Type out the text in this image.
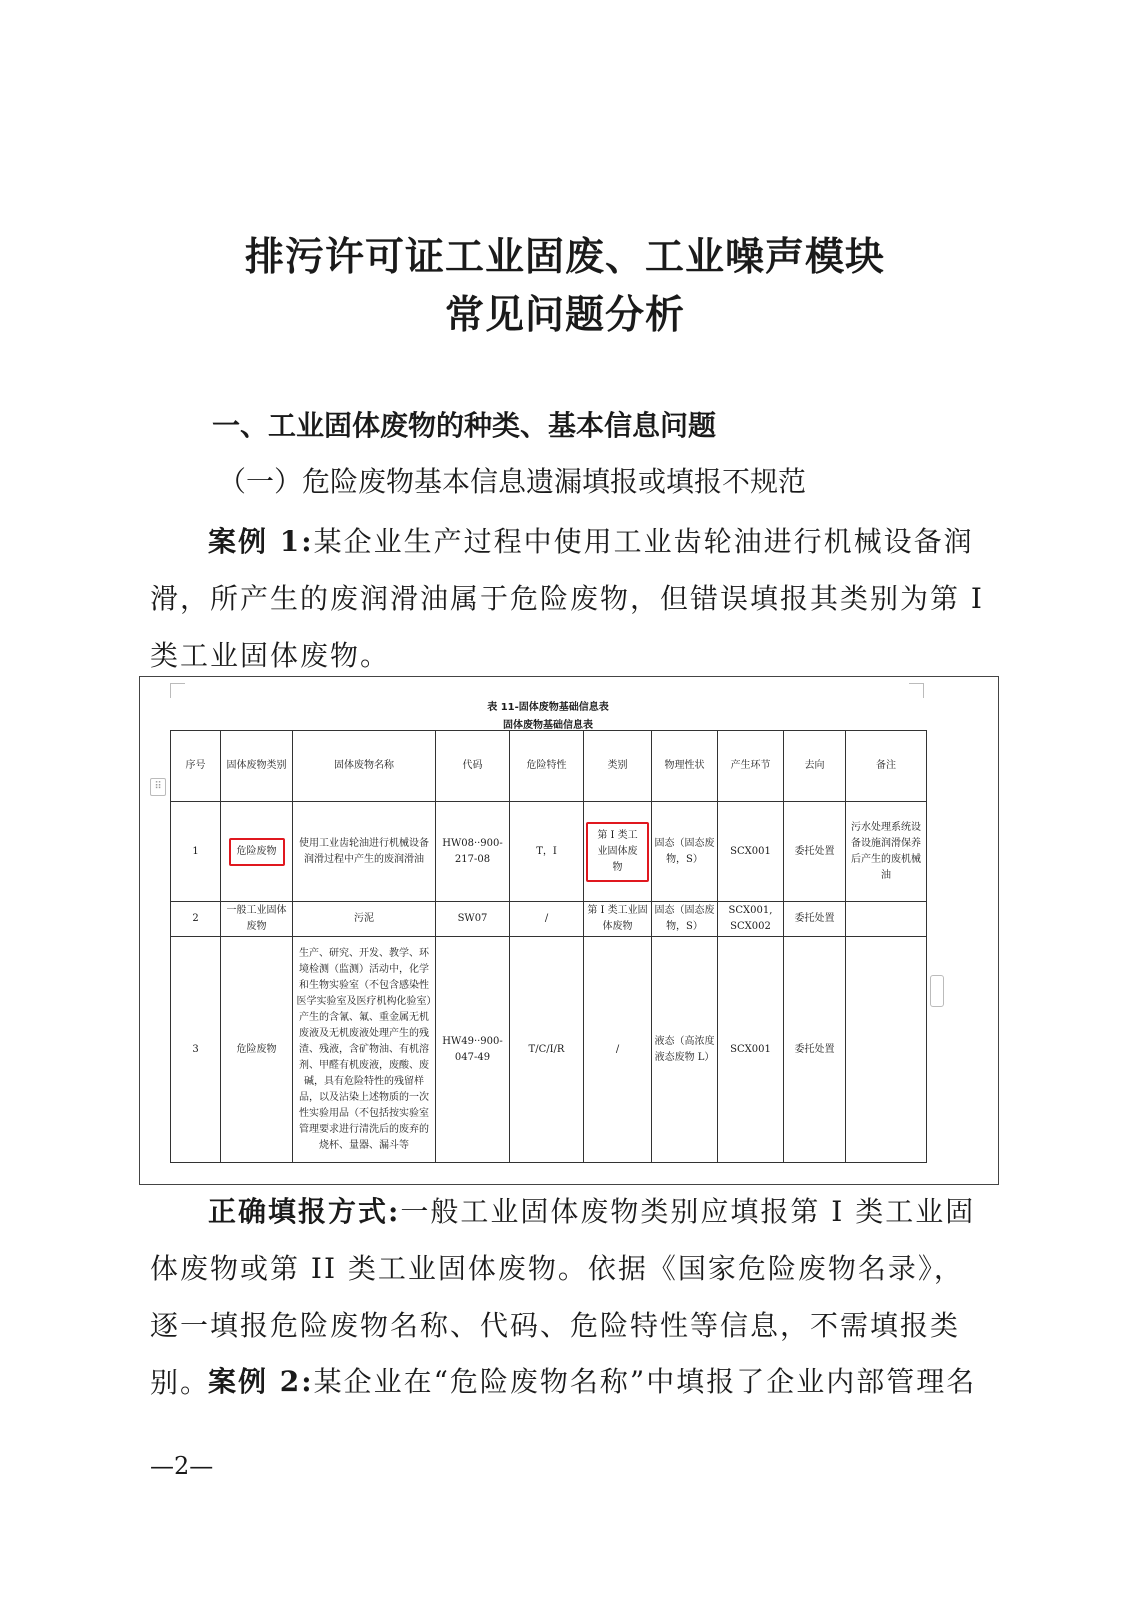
排污许可证工业固废、工业噪声模块
常见问题分析
一、工业固体废物的种类、基本信息问题
（一）危险废物基本信息遗漏填报或填报不规范
案例 1:某企业生产过程中使用工业齿轮油进行机械设备润滑，所产生的废润滑油属于危险废物，但错误填报其类别为第 I 类工业固体废物。
⠿
表 11-固体废物基础信息表
固体废物基础信息表
序号	固体废物类别	固体废物名称	代码	危险特性	类别	物理性状	产生环节	去向	备注
1	危险废物	使用工业齿轮油进行机械设备润滑过程中产生的废润滑油	HW08··900-217-08	T，I	第 I 类工业固体废物	固态（固态废物，S）	SCX001	委托处置	污水处理系统设备设施润滑保养后产生的废机械油
2	一般工业固体废物	污泥	SW07	/	第 I 类工业固体废物	固态（固态废物，S）	SCX001, SCX002	委托处置	
3	危险废物	生产、研究、开发、教学、环境检测（监测）活动中，化学和生物实验室（不包含感染性医学实验室及医疗机构化验室）产生的含氰、氟、重金属无机废液及无机废液处理产生的残渣、残液，含矿物油、有机溶剂、甲醛有机废液，废酸、废碱，具有危险特性的残留样品，以及沾染上述物质的一次性实验用品（不包括按实验室管理要求进行清洗后的废弃的烧杯、量器、漏斗等	HW49··900-047-49	T/C/I/R	/	液态（高浓度液态废物 L）	SCX001	委托处置	
正确填报方式:一般工业固体废物类别应填报第 I 类工业固体废物或第 II 类工业固体废物。依据《国家危险废物名录》，逐一填报危险废物名称、代码、危险特性等信息，不需填报类别。
案例 2:某企业在“危险废物名称”中填报了企业内部管理名
—2—
